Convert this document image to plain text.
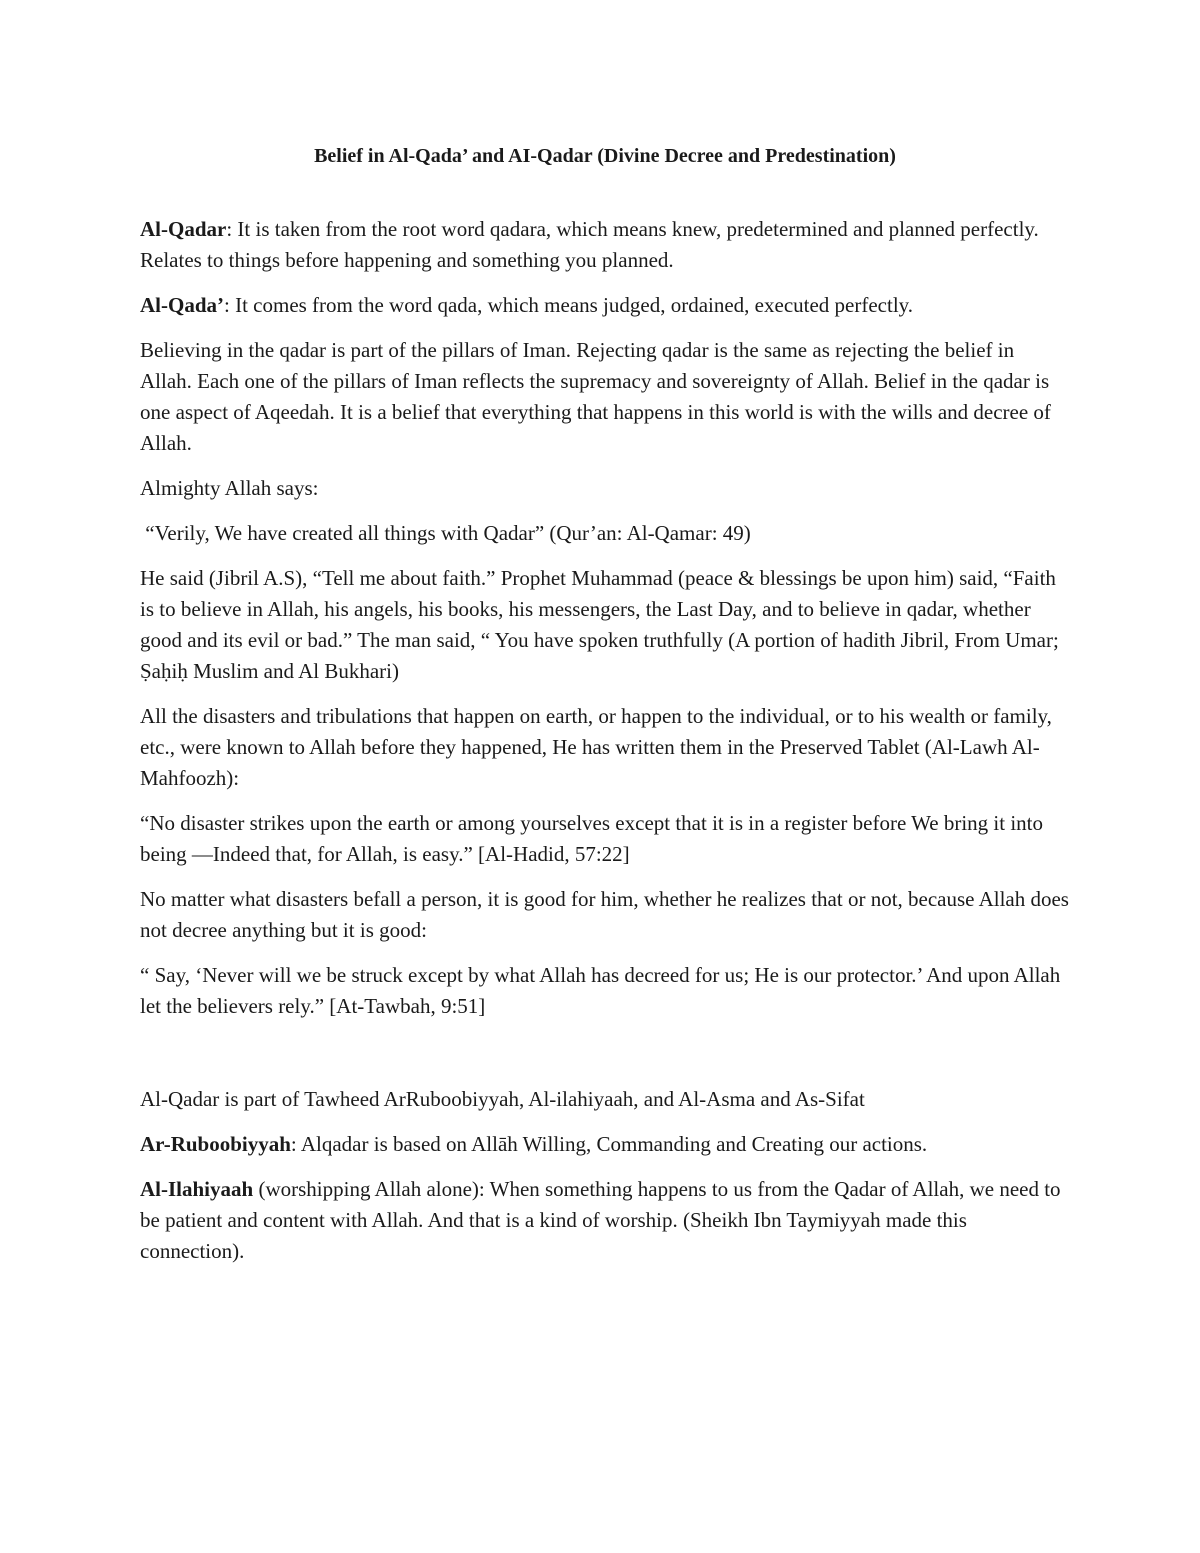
Belief in Al-Qada’ and AI-Qadar (Divine Decree and Predestination)

Al-Qadar: It is taken from the root word qadara, which means knew, predetermined and planned perfectly. Relates to things before happening and something you planned.

Al-Qada’: It comes from the word qada, which means judged, ordained, executed perfectly.

Believing in the qadar is part of the pillars of Iman. Rejecting qadar is the same as rejecting the belief in Allah. Each one of the pillars of Iman reflects the supremacy and sovereignty of Allah. Belief in the qadar is one aspect of Aqeedah. It is a belief that everything that happens in this world is with the wills and decree of Allah.

Almighty Allah says:

“Verily, We have created all things with Qadar” (Qur’an: Al-Qamar: 49)

He said (Jibril A.S), “Tell me about faith.” Prophet Muhammad (peace & blessings be upon him) said, “Faith is to believe in Allah, his angels, his books, his messengers, the Last Day, and to believe in qadar, whether good and its evil or bad.” The man said, “ You have spoken truthfully (A portion of hadith Jibril, From Umar; Ṣaḥiḥ Muslim and Al Bukhari)

All the disasters and tribulations that happen on earth, or happen to the individual, or to his wealth or family, etc., were known to Allah before they happened, He has written them in the Preserved Tablet (Al-Lawh Al-Mahfoozh):

“No disaster strikes upon the earth or among yourselves except that it is in a register before We bring it into being —Indeed that, for Allah, is easy.” [Al-Hadid, 57:22]

No matter what disasters befall a person, it is good for him, whether he realizes that or not, because Allah does not decree anything but it is good:

“ Say, ‘Never will we be struck except by what Allah has decreed for us; He is our protector.’ And upon Allah let the believers rely.” [At-Tawbah, 9:51]

Al-Qadar is part of Tawheed ArRuboobiyyah, Al-ilahiyaah, and Al-Asma and As-Sifat

Ar-Ruboobiyyah: Alqadar is based on Allāh Willing, Commanding and Creating our actions.

Al-Ilahiyaah (worshipping Allah alone): When something happens to us from the Qadar of Allah, we need to be patient and content with Allah. And that is a kind of worship. (Sheikh Ibn Taymiyyah made this connection).
